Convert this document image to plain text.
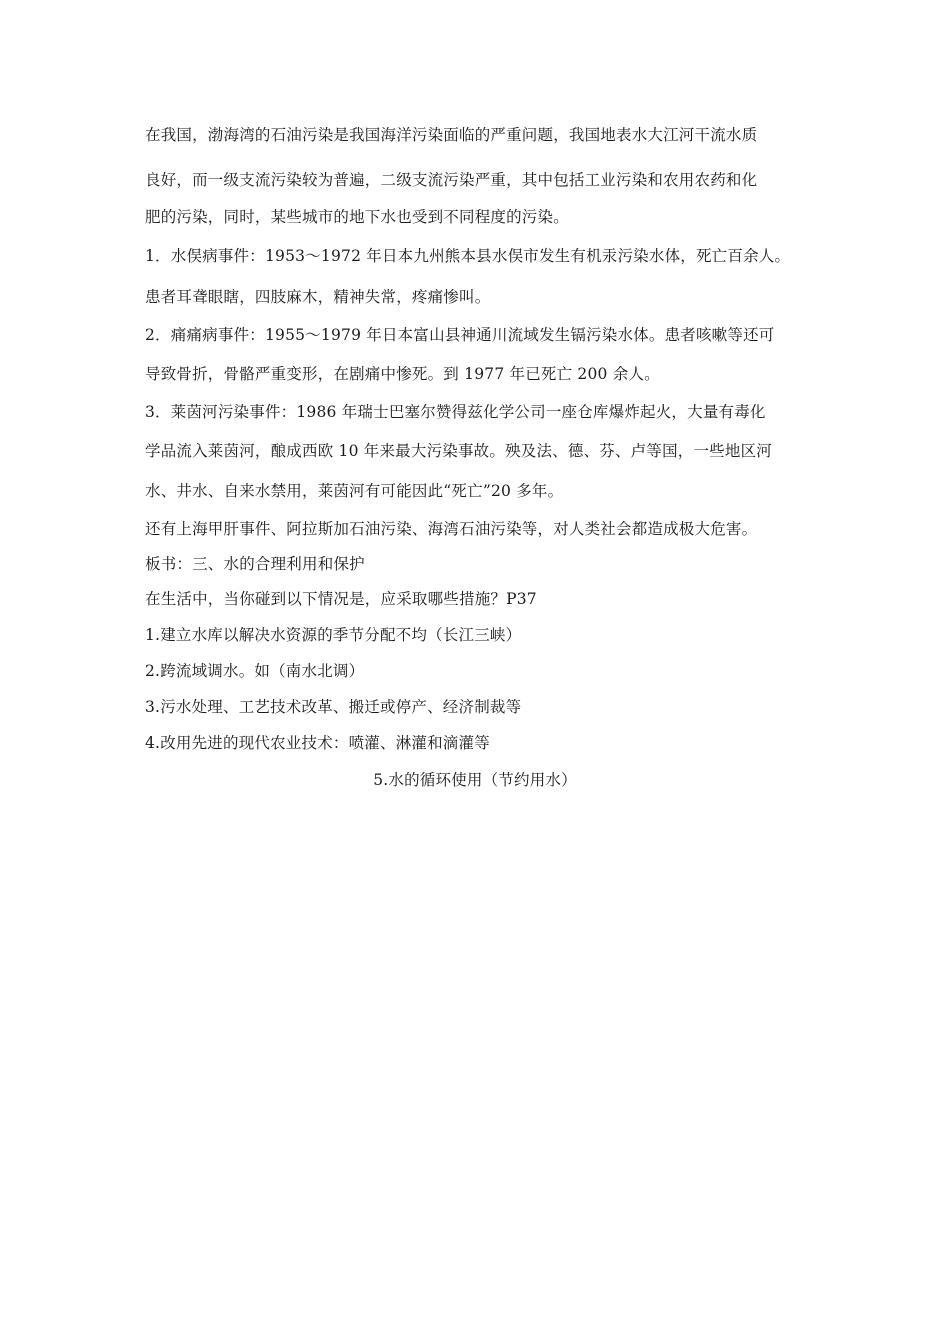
在我国，渤海湾的石油污染是我国海洋污染面临的严重问题，我国地表水大江河干流水质
良好，而一级支流污染较为普遍，二级支流污染严重，其中包括工业污染和农用农药和化
肥的污染，同时，某些城市的地下水也受到不同程度的污染。
1．水俣病事件：1953～1972 年日本九州熊本县水俣市发生有机汞污染水体，死亡百余人。
患者耳聋眼瞎，四肢麻木，精神失常，疼痛惨叫。
2．痛痛病事件：1955～1979 年日本富山县神通川流域发生镉污染水体。患者咳嗽等还可
导致骨折，骨骼严重变形，在剧痛中惨死。到 1977 年已死亡 200 余人。
3．莱茵河污染事件：1986 年瑞士巴塞尔赞得兹化学公司一座仓库爆炸起火，大量有毒化
学品流入莱茵河，酿成西欧 10 年来最大污染事故。殃及法、德、芬、卢等国，一些地区河
水、井水、自来水禁用，莱茵河有可能因此“死亡”20 多年。
还有上海甲肝事件、阿拉斯加石油污染、海湾石油污染等，对人类社会都造成极大危害。
板书：三、水的合理利用和保护
在生活中，当你碰到以下情况是，应采取哪些措施？P37
1.建立水库以解决水资源的季节分配不均（长江三峡）
2.跨流域调水。如（南水北调）
3.污水处理、工艺技术改革、搬迁或停产、经济制裁等
4.改用先进的现代农业技术：喷灌、淋灌和滴灌等
5.水的循环使用（节约用水）
